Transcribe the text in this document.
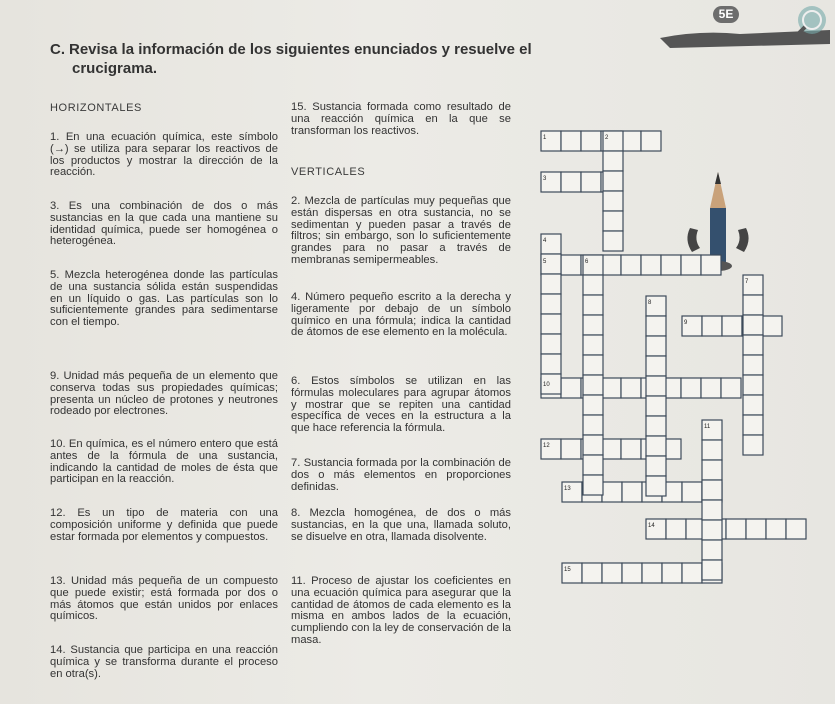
5E
C. Revisa la información de los siguientes enunciados y resuelve el
crucigrama.
HORIZONTALES
1. En una ecuación química, este símbolo (→) se utiliza para separar los reactivos de los productos y mostrar la dirección de la reacción.
3. Es una combinación de dos o más sustancias en la que cada una mantiene su identidad química, puede ser homogénea o heterogénea.
5. Mezcla heterogénea donde las partículas de una sustancia sólida están suspendidas en un líquido o gas. Las partículas son lo suficientemente grandes para sedimentarse con el tiempo.
9. Unidad más pequeña de un elemento que conserva todas sus propiedades químicas; presenta un núcleo de protones y neutrones rodeado por electrones.
10. En química, es el número entero que está antes de la fórmula de una sustancia, indicando la cantidad de moles de ésta que participan en la reacción.
12. Es un tipo de materia con una composición uniforme y definida que puede estar formada por elementos y compuestos.
13. Unidad más pequeña de un compuesto que puede existir; está formada por dos o más átomos que están unidos por enlaces químicos.
14. Sustancia que participa en una reacción química y se transforma durante el proceso en otra(s).
15. Sustancia formada como resultado de una reacción química en la que se transforman los reactivos.
VERTICALES
2. Mezcla de partículas muy pequeñas que están dispersas en otra sustancia, no se sedimentan y pueden pasar a través de filtros; sin embargo, son lo suficientemente grandes para no pasar a través de membranas semipermeables.
4. Número pequeño escrito a la derecha y ligeramente por debajo de un símbolo químico en una fórmula; indica la cantidad de átomos de ese elemento en la molécula.
6. Estos símbolos se utilizan en las fórmulas moleculares para agrupar átomos y mostrar que se repiten una cantidad específica de veces en la estructura a la que hace referencia la fórmula.
7. Sustancia formada por la combinación de dos o más elementos en proporciones definidas.
8. Mezcla homogénea, de dos o más sustancias, en la que una, llamada soluto, se disuelve en otra, llamada disolvente.
11. Proceso de ajustar los coeficientes en una ecuación química para asegurar que la cantidad de átomos de cada elemento es la misma en ambos lados de la ecuación, cumpliendo con la ley de conservación de la masa.
1	2
3
4
5	6
7
8
9
10
11
12
13
14
15
